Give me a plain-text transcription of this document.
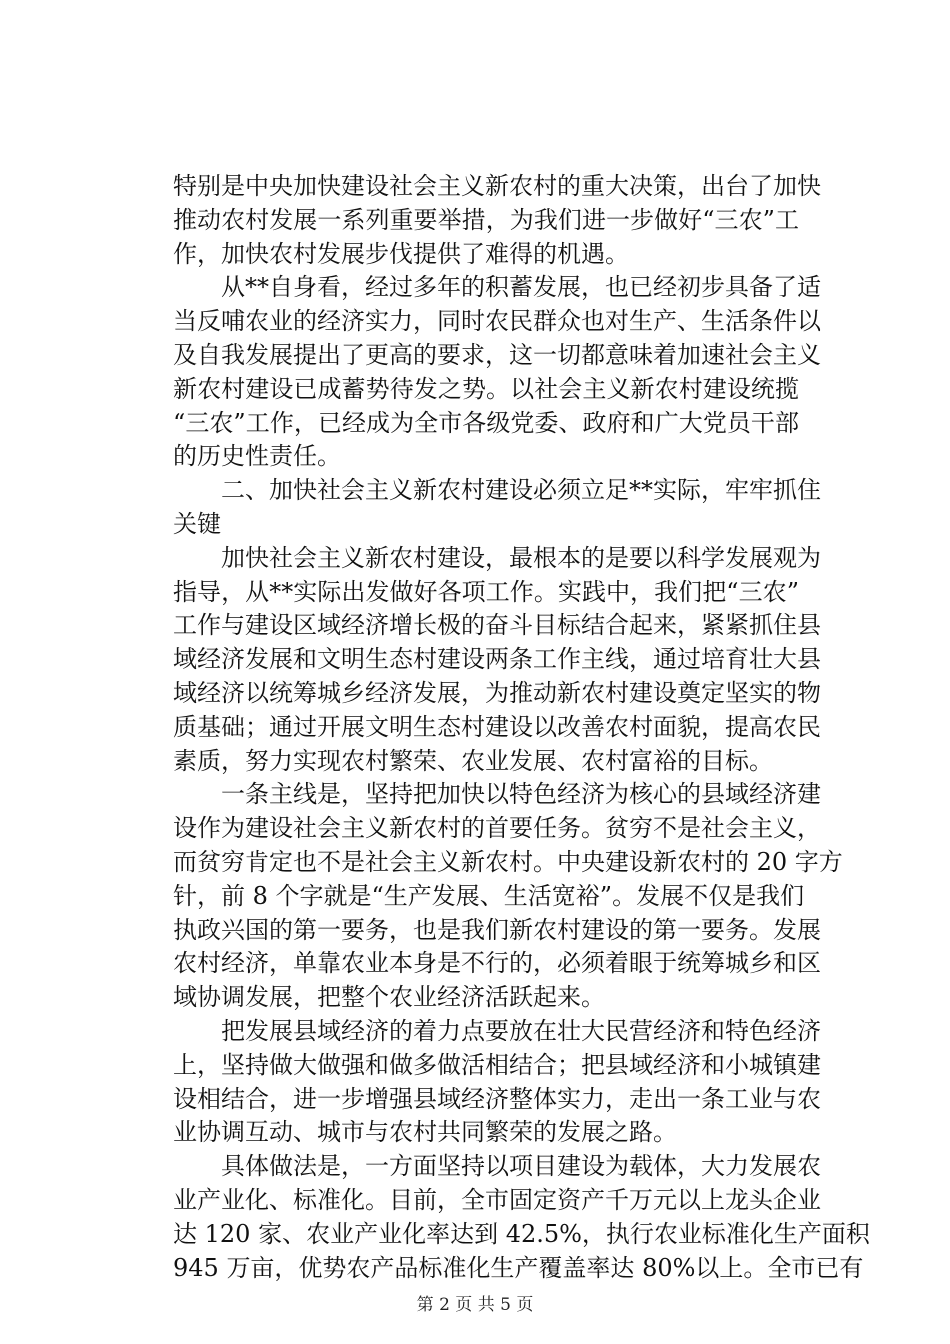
特别是中央加快建设社会主义新农村的重大决策，出台了加快
推动农村发展一系列重要举措，为我们进一步做好“三农”工
作，加快农村发展步伐提供了难得的机遇。
　　从**自身看，经过多年的积蓄发展，也已经初步具备了适
当反哺农业的经济实力，同时农民群众也对生产、生活条件以
及自我发展提出了更高的要求，这一切都意味着加速社会主义
新农村建设已成蓄势待发之势。以社会主义新农村建设统揽
“三农”工作，已经成为全市各级党委、政府和广大党员干部
的历史性责任。
　　二、加快社会主义新农村建设必须立足**实际，牢牢抓住
关键
　　加快社会主义新农村建设，最根本的是要以科学发展观为
指导，从**实际出发做好各项工作。实践中，我们把“三农”
工作与建设区域经济增长极的奋斗目标结合起来，紧紧抓住县
域经济发展和文明生态村建设两条工作主线，通过培育壮大县
域经济以统筹城乡经济发展，为推动新农村建设奠定坚实的物
质基础；通过开展文明生态村建设以改善农村面貌，提高农民
素质，努力实现农村繁荣、农业发展、农村富裕的目标。
　　一条主线是，坚持把加快以特色经济为核心的县域经济建
设作为建设社会主义新农村的首要任务。贫穷不是社会主义，
而贫穷肯定也不是社会主义新农村。中央建设新农村的 20 字方
针，前 8 个字就是“生产发展、生活宽裕”。发展不仅是我们
执政兴国的第一要务，也是我们新农村建设的第一要务。发展
农村经济，单靠农业本身是不行的，必须着眼于统筹城乡和区
域协调发展，把整个农业经济活跃起来。
　　把发展县域经济的着力点要放在壮大民营经济和特色经济
上，坚持做大做强和做多做活相结合；把县域经济和小城镇建
设相结合，进一步增强县域经济整体实力，走出一条工业与农
业协调互动、城市与农村共同繁荣的发展之路。
　　具体做法是，一方面坚持以项目建设为载体，大力发展农
业产业化、标准化。目前，全市固定资产千万元以上龙头企业
达 120 家、农业产业化率达到 42.5%，执行农业标准化生产面积
945 万亩，优势农产品标准化生产覆盖率达 80%以上。全市已有
第 2 页 共 5 页
